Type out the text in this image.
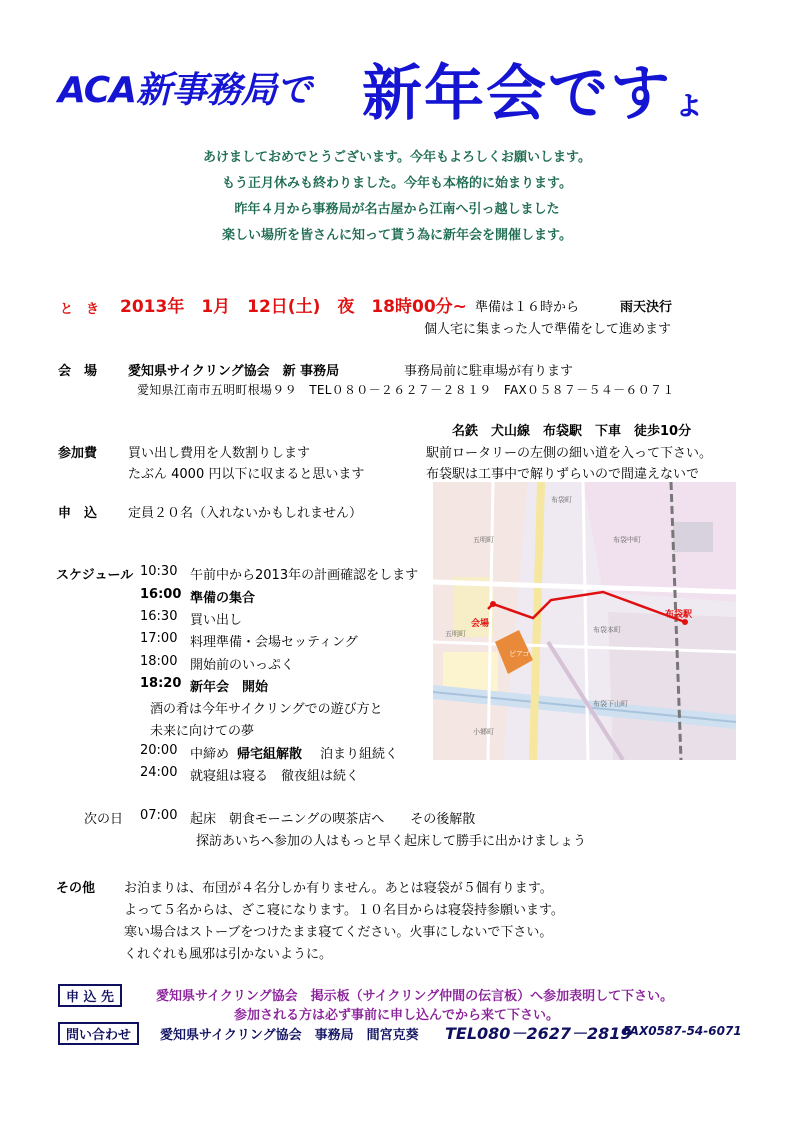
ACA新事務局で 新年会ですょ
あけましておめでとうございます。今年もよろしくお願いします。
もう正月休みも終わりました。今年も本格的に始まります。
昨年４月から事務局が名古屋から江南へ引っ越しました
楽しい場所を皆さんに知って貰う為に新年会を開催します。
と　き 2013年　1月　12日(土)　夜　18時00分~ 準備は１６時から	雨天決行
個人宅に集まった人で準備をして進めます
会　場 愛知県サイクリング協会　新 事務局	事務局前に駐車場が有ります
愛知県江南市五明町根場９９　TEL０８０－２６２７－２８１９　FAX０５８７－５４－６０７１
名鉄　犬山線　布袋駅　下車　徒歩10分
参加費 買い出し費用を人数割りします
たぶん 4000 円以下に収まると思います
駅前ロータリーの左側の細い道を入って下さい。
布袋駅は工事中で解りずらいので間違えないで
申　込 定員２０名（入れないかもしれません）
スケジュール 10:30 午前中から2013年の計画確認をします
16:00 準備の集合
16:30 買い出し
17:00 料理準備・会場セッティング
18:00 開始前のいっぷく
18:20 新年会　開始
酒の肴は今年サイクリングでの遊び方と
未来に向けての夢
20:00 中締め 帰宅組解散 泊まり組続く
24:00 就寝組は寝る　徹夜組は続く
次の日 07:00 起床　朝食モーニングの喫茶店へ　　その後解散
探訪あいちへ参加の人はもっと早く起床して勝手に出かけましょう
その他 お泊まりは、布団が４名分しか有りません。あとは寝袋が５個有ります。
よって５名からは、ざこ寝になります。１０名目からは寝袋持参願います。
寒い場合はストーブをつけたまま寝てください。火事にしないで下さい。
くれぐれも風邪は引かないように。
申 込 先	愛知県サイクリング協会　掲示板（サイクリング仲間の伝言板）へ参加表明して下さい。
参加される方は必ず事前に申し込んでから来て下さい。
問い合わせ	愛知県サイクリング協会　事務局　間宮克葵 TEL080－2627－2819
FAX0587-54-6071
会場
布袋駅
ピアゴ
布袋町
五明町
布袋本町
五明町
布袋下山町
小郷町
布袋中町
